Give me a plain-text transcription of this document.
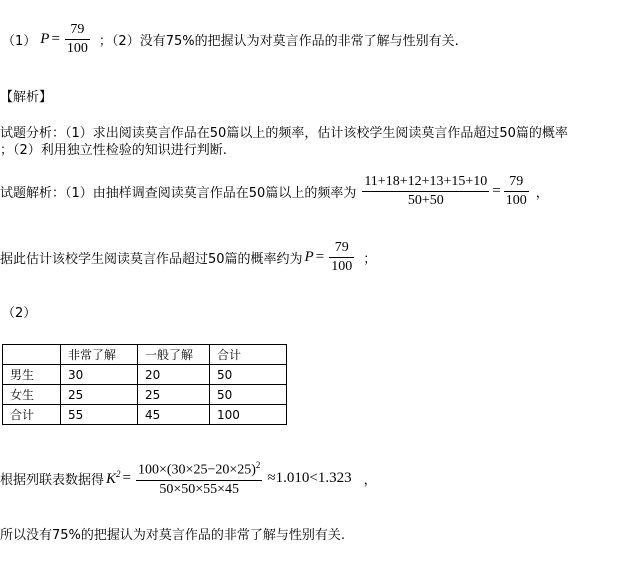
（1） $P = \frac{79}{100}$ ；（2）没有75%的把握认为对莫言作品的非常了解与性别有关.
【解析】
试题分析：（1）求出阅读莫言作品在50篇以上的频率，估计该校学生阅读莫言作品超过50篇的概率
；（2）利用独立性检验的知识进行判断.
试题解析：（1）由抽样调查阅读莫言作品在50篇以上的频率为 $\frac{11+18+12+13+15+10}{50+50} = \frac{79}{100}$ ，
据此估计该校学生阅读莫言作品超过50篇的概率约为 $P = \frac{79}{100}$ ；
（2）
	非常了解	一般了解	合计
男生	30	20	50
女生	25	25	50
合计	55	45	100
根据列联表数据得 $K^2 = \frac{100\times(30\times 25-20\times 25)^2}{50\times 50\times 55\times 45} \approx 1.010<1.323$ ，
所以没有75%的把握认为对莫言作品的非常了解与性别有关.
